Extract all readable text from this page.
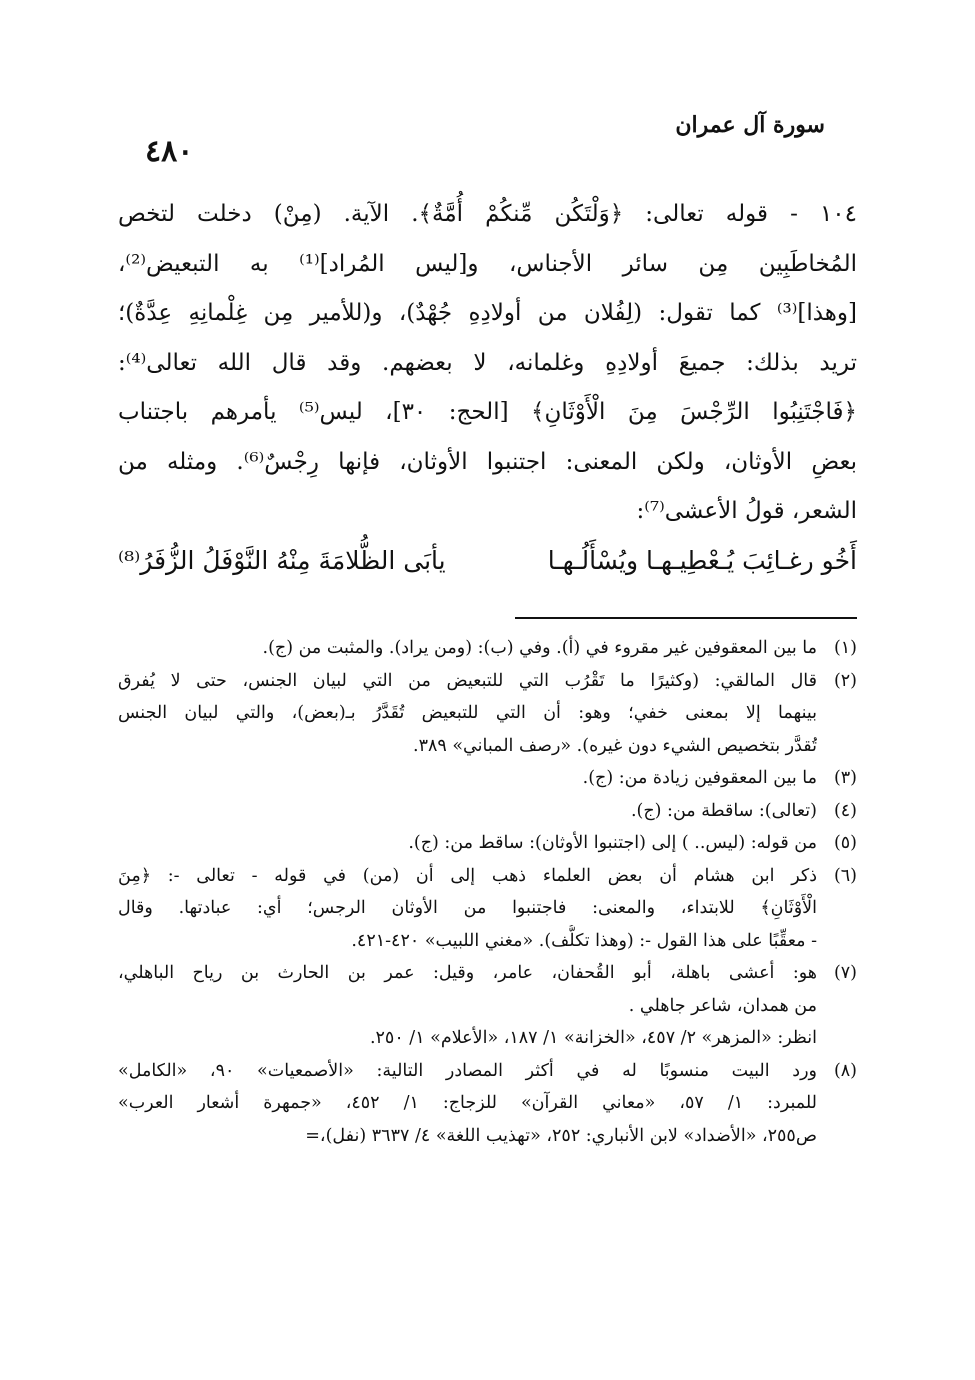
سورة آل عمران
٤٨٠
١٠٤ - قوله تعالى: ﴿وَلْتَكُن مِّنكُمْ أُمَّةٌ﴾. الآية. (مِنْ) دخلت لتخص
المُخاطَبِين مِن سائر الأجناس، و[ليس المُراد]⁽¹⁾ به التبعيض⁽²⁾،
[وهذا]⁽³⁾ كما تقول: (لِفُلان من أولادِهِ جُهْدٌ)، و(للأمير مِن غِلْمانِهِ عِدَّةٌ)؛
تريد بذلك: جميعَ أولادِهِ وغلمانه، لا بعضهم. وقد قال الله تعالى⁽⁴⁾:
﴿فَاجْتَنِبُوا الرِّجْسَ مِنَ الْأَوْثَانِ﴾ [الحج: ٣٠]، ليس⁽⁵⁾ يأمرهم باجتناب
بعضِ الأوثان، ولكن المعنى: اجتنبوا الأوثان، فإنها رِجْسٌ⁽⁶⁾. ومثله من
الشعر، قولُ الأعشى⁽⁷⁾:
أَخُو رغـائِبَ يُـعْطِيـهـا ويُسْأَلُـهـا
يأبَى الظُّلامَةَ مِنْهُ النَّوْفَلُ الزُّفَرُ⁽⁸⁾
(١)
ما بين المعقوفين غير مقروء في (أ). وفي (ب): (ومن يراد). والمثبت من (ج).
(٢)
قال المالقي: (وكثيرًا ما تَقْرُب التي للتبعيض من التي لبيان الجنس، حتى لا يُفرق
بينهما إلا بمعنى خفي؛ وهو: أن التي للتبعيض تُقَدَّرُ بـ(بعض)، والتي لبيان الجنس
تُقدَّر بتخصيص الشيء دون غيره). «رصف المباني» ٣٨٩.
(٣)
ما بين المعقوفين زيادة من: (ج).
(٤)
(تعالى): ساقطة من: (ج).
(٥)
من قوله: (ليس.. ) إلى (اجتنبوا الأوثان): ساقط من: (ج).
(٦)
ذكر ابن هشام أن بعض العلماء ذهب إلى أن (من) في قوله - تعالى -: ﴿مِنَ
الْأَوْثَانِ﴾ للابتداء، والمعنى: فاجتنبوا من الأوثان الرجس؛ أي: عبادتها. وقال
- معقِّبًا على هذا القول -: (وهذا تكلُّف). «مغني اللبيب» ٤٢٠-٤٢١.
(٧)
هو: أعشى باهلة، أبو القُحفان، عامر، وقيل: عمر بن الحارث بن رياح الباهلي،
من همدان، شاعر جاهلي .
انظر: «المزهر» ٢/ ٤٥٧، «الخزانة» ١/ ١٨٧، «الأعلام» ١/ ٢٥٠.
(٨)
ورد البيت منسوبًا له في أكثر المصادر التالية: «الأصمعيات» ٩٠، «الكامل»
للمبرد: ١/ ٥٧، «معاني القرآن» للزجاج: ١/ ٤٥٢، «جمهرة أشعار العرب»
ص٢٥٥، «الأضداد» لابن الأنباري: ٢٥٢، «تهذيب اللغة» ٤/ ٣٦٣٧ (نفل)،=
